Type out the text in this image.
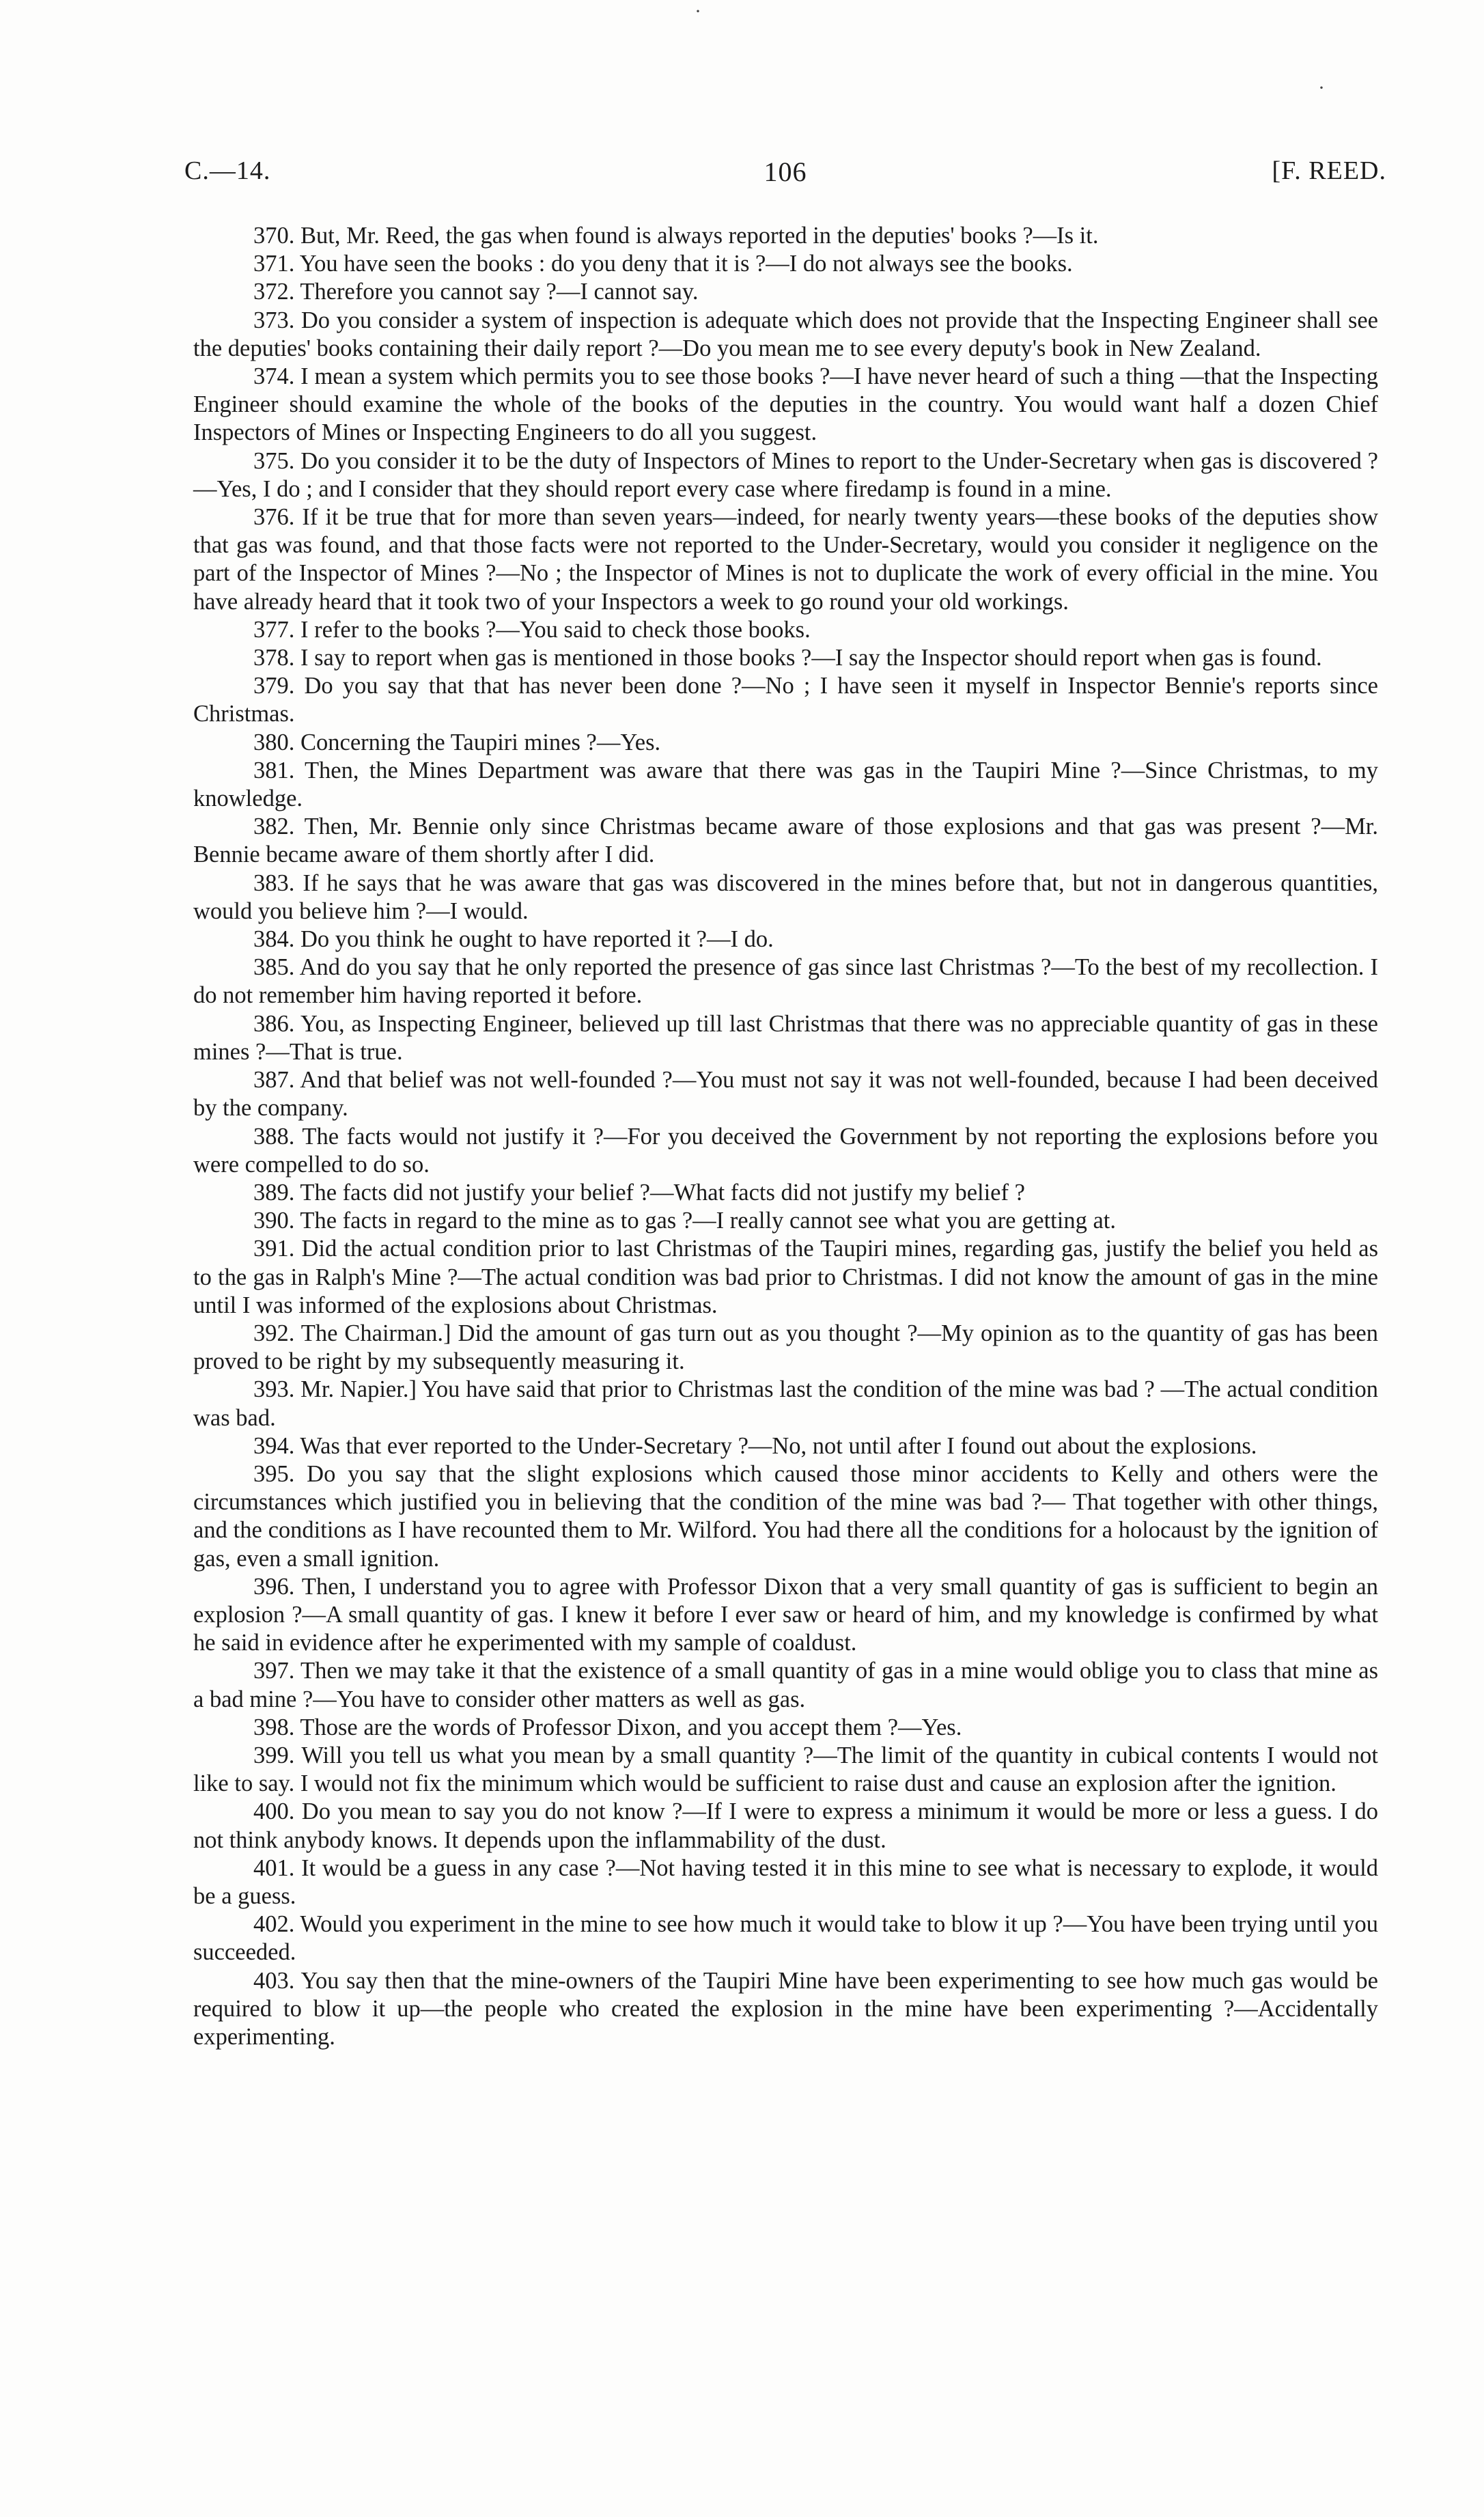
C.—14.	106	[F. REED.
·
·

370. But, Mr. Reed, the gas when found is always reported in the deputies' books ?—Is it.

371. You have seen the books : do you deny that it is ?—I do not always see the books.

372. Therefore you cannot say ?—I cannot say.

373. Do you consider a system of inspection is adequate which does not provide that the Inspecting Engineer shall see the deputies' books containing their daily report ?—Do you mean me to see every deputy's book in New Zealand.

374. I mean a system which permits you to see those books ?—I have never heard of such a thing —that the Inspecting Engineer should examine the whole of the books of the deputies in the country. You would want half a dozen Chief Inspectors of Mines or Inspecting Engineers to do all you suggest.

375. Do you consider it to be the duty of Inspectors of Mines to report to the Under-Secretary when gas is discovered ?—Yes, I do ; and I consider that they should report every case where firedamp is found in a mine.

376. If it be true that for more than seven years—indeed, for nearly twenty years—these books of the deputies show that gas was found, and that those facts were not reported to the Under-Secretary, would you consider it negligence on the part of the Inspector of Mines ?—No ; the Inspector of Mines is not to duplicate the work of every official in the mine. You have already heard that it took two of your Inspectors a week to go round your old workings.

377. I refer to the books ?—You said to check those books.

378. I say to report when gas is mentioned in those books ?—I say the Inspector should report when gas is found.

379. Do you say that that has never been done ?—No ; I have seen it myself in Inspector Bennie's reports since Christmas.

380. Concerning the Taupiri mines ?—Yes.

381. Then, the Mines Department was aware that there was gas in the Taupiri Mine ?—Since Christmas, to my knowledge.

382. Then, Mr. Bennie only since Christmas became aware of those explosions and that gas was present ?—Mr. Bennie became aware of them shortly after I did.

383. If he says that he was aware that gas was discovered in the mines before that, but not in dangerous quantities, would you believe him ?—I would.

384. Do you think he ought to have reported it ?—I do.

385. And do you say that he only reported the presence of gas since last Christmas ?—To the best of my recollection. I do not remember him having reported it before.

386. You, as Inspecting Engineer, believed up till last Christmas that there was no appreciable quantity of gas in these mines ?—That is true.

387. And that belief was not well-founded ?—You must not say it was not well-founded, because I had been deceived by the company.

388. The facts would not justify it ?—For you deceived the Government by not reporting the explosions before you were compelled to do so.

389. The facts did not justify your belief ?—What facts did not justify my belief ?

390. The facts in regard to the mine as to gas ?—I really cannot see what you are getting at.

391. Did the actual condition prior to last Christmas of the Taupiri mines, regarding gas, justify the belief you held as to the gas in Ralph's Mine ?—The actual condition was bad prior to Christmas. I did not know the amount of gas in the mine until I was informed of the explosions about Christmas.

392. The Chairman.] Did the amount of gas turn out as you thought ?—My opinion as to the quantity of gas has been proved to be right by my subsequently measuring it.

393. Mr. Napier.] You have said that prior to Christmas last the condition of the mine was bad ? —The actual condition was bad.

394. Was that ever reported to the Under-Secretary ?—No, not until after I found out about the explosions.

395. Do you say that the slight explosions which caused those minor accidents to Kelly and others were the circumstances which justified you in believing that the condition of the mine was bad ?— That together with other things, and the conditions as I have recounted them to Mr. Wilford. You had there all the conditions for a holocaust by the ignition of gas, even a small ignition.

396. Then, I understand you to agree with Professor Dixon that a very small quantity of gas is sufficient to begin an explosion ?—A small quantity of gas. I knew it before I ever saw or heard of him, and my knowledge is confirmed by what he said in evidence after he experimented with my sample of coaldust.

397. Then we may take it that the existence of a small quantity of gas in a mine would oblige you to class that mine as a bad mine ?—You have to consider other matters as well as gas.

398. Those are the words of Professor Dixon, and you accept them ?—Yes.

399. Will you tell us what you mean by a small quantity ?—The limit of the quantity in cubical contents I would not like to say. I would not fix the minimum which would be sufficient to raise dust and cause an explosion after the ignition.

400. Do you mean to say you do not know ?—If I were to express a minimum it would be more or less a guess. I do not think anybody knows. It depends upon the inflammability of the dust.

401. It would be a guess in any case ?—Not having tested it in this mine to see what is necessary to explode, it would be a guess.

402. Would you experiment in the mine to see how much it would take to blow it up ?—You have been trying until you succeeded.

403. You say then that the mine-owners of the Taupiri Mine have been experimenting to see how much gas would be required to blow it up—the people who created the explosion in the mine have been experimenting ?—Accidentally experimenting.
